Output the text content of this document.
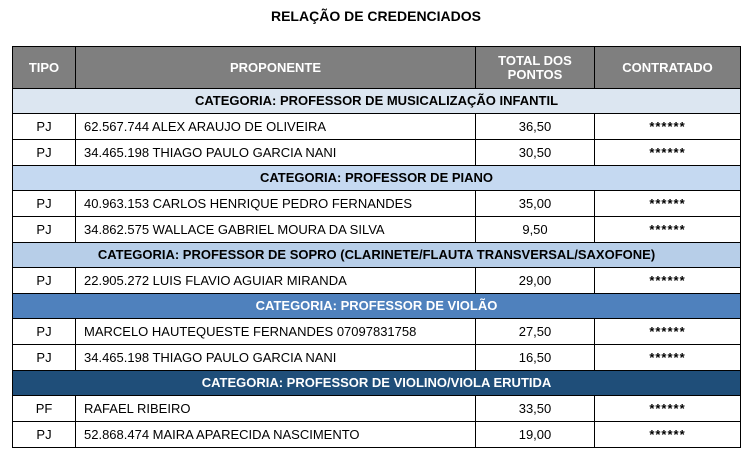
RELAÇÃO DE CREDENCIADOS
TIPO	PROPONENTE	TOTAL DOS PONTOS	CONTRATADO
CATEGORIA: PROFESSOR DE MUSICALIZAÇÃO INFANTIL			
PJ	62.567.744 ALEX ARAUJO DE OLIVEIRA	36,50	******
PJ	34.465.198 THIAGO PAULO GARCIA NANI	30,50	******
CATEGORIA: PROFESSOR DE PIANO			
PJ	40.963.153 CARLOS HENRIQUE PEDRO FERNANDES	35,00	******
PJ	34.862.575 WALLACE GABRIEL MOURA DA SILVA	9,50	******
CATEGORIA: PROFESSOR DE SOPRO (CLARINETE/FLAUTA TRANSVERSAL/SAXOFONE)			
PJ	22.905.272 LUIS FLAVIO AGUIAR MIRANDA	29,00	******
CATEGORIA: PROFESSOR DE VIOLÃO			
PJ	MARCELO HAUTEQUESTE FERNANDES 07097831758	27,50	******
PJ	34.465.198 THIAGO PAULO GARCIA NANI	16,50	******
CATEGORIA: PROFESSOR DE VIOLINO/VIOLA ERUTIDA			
PF	RAFAEL RIBEIRO	33,50	******
PJ	52.868.474 MAIRA APARECIDA NASCIMENTO	19,00	******
